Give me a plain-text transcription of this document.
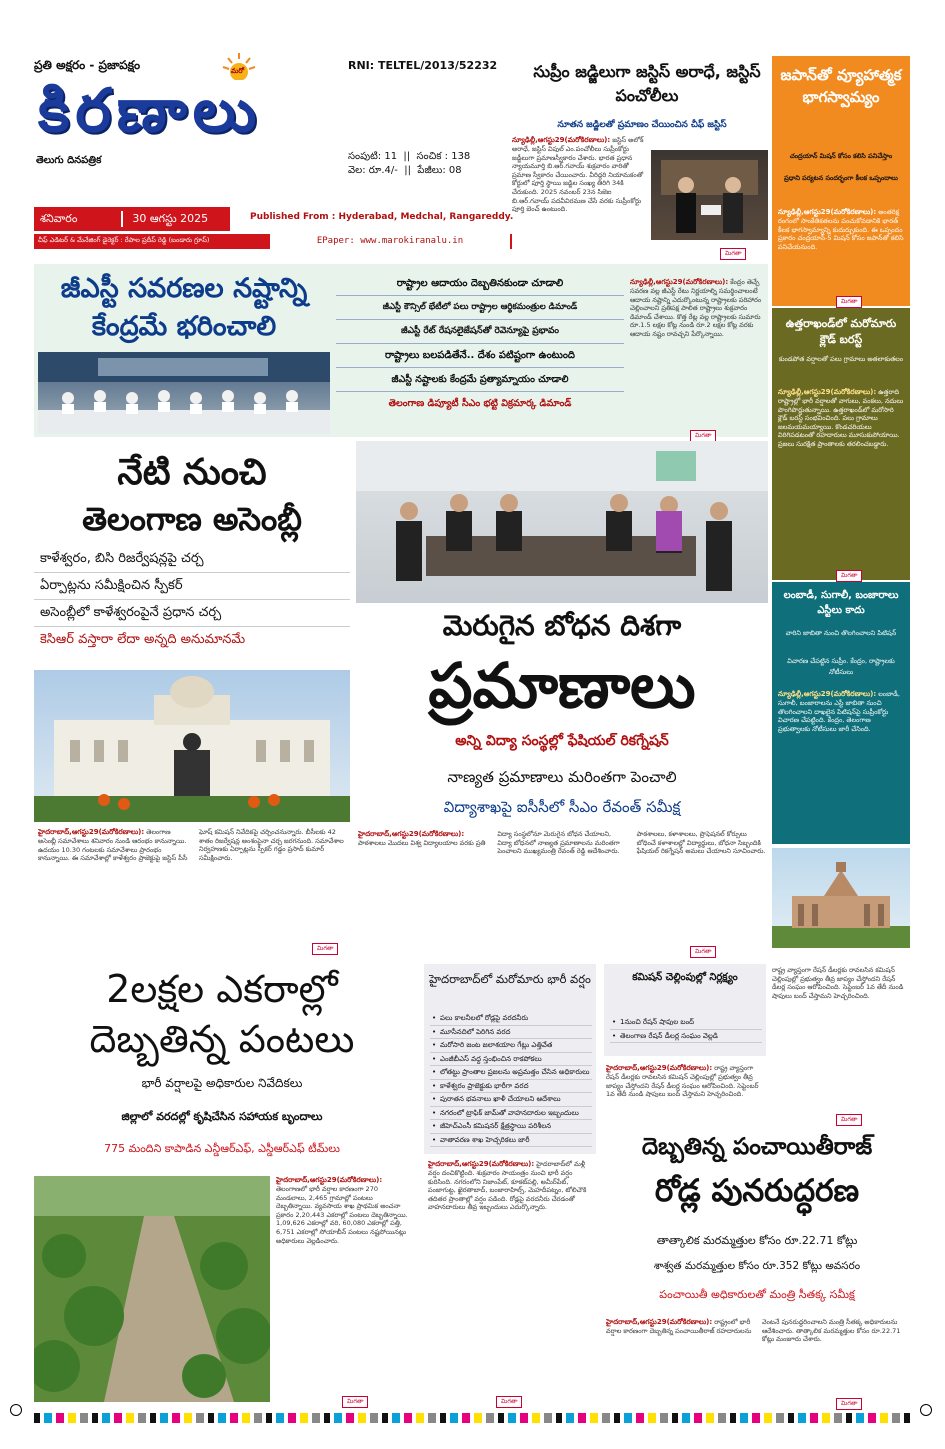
ప్రతి అక్షరం - ప్రజాపక్షం	మరో
కిరణాలు
తెలుగు దినపత్రిక
RNI: TELTEL/2013/52232
సంపుటి: 11  ||  సంచిక : 138
వెల: రూ.4/-  ||  పేజీలు: 08
శనివారం	30 ఆగస్టు 2025	Published From : Hyderabad, Medchal, Rangareddy.
చీఫ్ ఎడిటర్ & మేనేజింగ్ డైరెక్టర్ : రేపాల ప్రదీప్ రెడ్డి (బండారు గ్రూప్)	EPaper: www.marokiranalu.in
సుప్రీం జడ్జిలుగా జస్టిస్ అరాధే, జస్టిస్ పంచోలీలు
నూతన జడ్జిలతో ప్రమాణం చేయించిన చీఫ్ జస్టిస్
న్యూఢిల్లీ,ఆగస్టు29(మరోకిరణాలు): జస్టిస్ అలోక్ అరాధే, జస్టిస్ విపుల్ ఎం.పంచోలీలు సుప్రీంకోర్టు జడ్జీలుగా ప్రమాణస్వీకారం చేశారు. భారత ప్రధాన న్యాయమూర్తి బి.ఆర్.గవాయ్ శుక్రవారం వారితో ప్రమాణ స్వీకారం చేయించారు. వీరిద్దరి నియామకంతో కోర్టులో పూర్తి స్థాయి జడ్జిల సంఖ్య తిరిగి 34కి చేరుకుంది. 2025 నవంబర్ 23న సిజెఐ బి.ఆర్.గవాయ్ పదవీవిరమణ చేసే వరకు సుప్రీంకోర్టు పూర్తి బెంచ్ ఉంటుంది.
మిగతా
జపాన్‌తో వ్యూహాత్మక భాగస్వామ్యం
చంద్రయాన్ మిషన్ కోసం కలిసి పనిచేస్తాం
ప్రధాని పర్యటన సందర్భంగా కీలక ఒప్పందాలు
న్యూఢిల్లీ,ఆగస్టు29(మరోకిరణాలు): అంతరిక్ష రంగంలో సాంకేతికతలను పంచుకోవడానికి భారత్ కీలక భాగస్వామ్యాన్ని కుదుర్చుకుంది. ఈ ఒప్పందం ప్రకారం చంద్రయాన్-5 మిషన్ కోసం జపాన్‌తో కలిసి పనిచేయనుంది.
మిగతా
ఉత్తరాఖండ్‌లో మరోమారు క్లౌడ్ బరస్ట్
కుండపోత వర్షాలతో పలు గ్రామాలు అతలాకుతలం
న్యూఢిల్లీ,ఆగస్టు29(మరోకిరణాలు): ఉత్తరాది రాష్ట్రాల్లో భారీ వర్షాలతో వాగులు, వంకలు, నదులు పొంగిపొర్లుతున్నాయి. ఉత్తరాఖండ్‌లో మరోసారి క్లౌడ్ బరస్ట్ సంభవించింది. పలు గ్రామాలు జలమయమయ్యాయి. కొండచరియలు విరిగిపడటంతో రహదారులు మూసుకుపోయాయి. ప్రజలు సురక్షిత ప్రాంతాలకు తరలించబడ్డారు.
మిగతా
లంబాడీ, సుగాలీ, బంజారాలు ఎస్టీలు కాదు
వారిని జాబితా నుంచి తొలగించాలని పిటిషన్
విచారణ చేపట్టిన సుప్రీం. కేంద్రం, రాష్ట్రాలకు నోటీసులు
న్యూఢిల్లీ,ఆగస్టు29(మరోకిరణాలు): లంబాడీ, సుగాలీ, బంజారాలను ఎస్టీ జాబితా నుంచి తొలగించాలని దాఖలైన పిటిషన్‌పై సుప్రీంకోర్టు విచారణ చేపట్టింది. కేంద్రం, తెలంగాణ ప్రభుత్వాలకు నోటీసులు జారీ చేసింది.
జీఎస్టీ సవరణల నష్టాన్ని కేంద్రమే భరించాలి
రాష్ట్రాల ఆదాయం దెబ్బతినకుండా చూడాలి
జీఎస్టీ కౌన్సిల్ భేటీలో పలు రాష్ట్రాల ఆర్థికమంత్రుల డిమాండ్
జీఎస్టీ రేట్ రేషనలైజేషన్‌తో రెవెన్యూపై ప్రభావం
రాష్ట్రాలు బలపడితేనే.. దేశం పటిష్టంగా ఉంటుంది
జీఎస్టీ నష్టాలకు కేంద్రమే ప్రత్యామ్నాయం చూడాలి
తెలంగాణ డిప్యూటీ సీఎం భట్టి విక్రమార్క డిమాండ్
న్యూఢిల్లీ,ఆగస్టు29(మరోకిరణాలు): కేంద్రం తెచ్చే సవరణ వల్ల జీఎస్టీ రేటు నిర్ణయాల్ని సమర్థించాలంటే ఆదాయ నష్టాన్ని ఎదుర్కొంటున్న రాష్ట్రాలకు పరిహారం చెల్లించాలని ప్రతిపక్ష పాలిత రాష్ట్రాలు శుక్రవారం డిమాండ్ చేశాయి. కొత్త రేట్ల వల్ల రాష్ట్రాలకు సుమారు రూ.1.5 లక్షల కోట్ల నుండి రూ.2 లక్షల కోట్ల వరకు ఆదాయ నష్టం రావచ్చని పేర్కొన్నాయి.
మిగతా
నేటి నుంచి
తెలంగాణ అసెంబ్లీ
కాళేశ్వరం, బిసి రిజర్వేషన్లపై చర్చ
ఏర్పాట్లను సమీక్షించిన స్పీకర్
అసెంబ్లీలో కాళేశ్వరంపైనే ప్రధాన చర్చ
కెసిఆర్ వస్తారా లేదా అన్నది అనుమానమే
హైదరాబాద్,ఆగస్టు29(మరోకిరణాలు): తెలంగాణ అసెంబ్లీ సమావేశాలు శనివారం నుండి ఆరంభం కానున్నాయి. ఉదయం 10.30 గంటలకు సమావేశాలు ప్రారంభం కానున్నాయి. ఈ సమావేశాల్లో కాళేశ్వరం ప్రాజెక్టుపై జస్టిస్ పీసీ ఘోష్ కమిషన్ నివేదికపై చర్చించనున్నారు. బీసీలకు 42 శాతం రిజర్వేషన్ల అంశంపైనా చర్చ జరగనుంది. సమావేశాల నిర్వహణకు ఏర్పాట్లను స్పీకర్ గడ్డం ప్రసాద్ కుమార్ సమీక్షించారు.
మిగతా
మెరుగైన బోధన దిశగా
ప్రమాణాలు
అన్ని విద్యా సంస్థల్లో ఫేషియల్ రికగ్నేషన్
నాణ్యత ప్రమాణాలు మరింతగా పెంచాలి
విద్యాశాఖపై ఐసీసీలో సీఎం రేవంత్ సమీక్ష
హైదరాబాద్,ఆగస్టు29(మరోకిరణాలు): పాఠశాలలు మొదలు విశ్వ విద్యాలయాల వరకు ప్రతి విద్యా సంస్థలోనూ మెరుగైన బోధన చేయాలని, విద్యా బోధనలో నాణ్యత ప్రమాణాలను మరింతగా పెంచాలని ముఖ్యమంత్రి రేవంత్ రెడ్డి ఆదేశించారు. పాఠశాలలు, కళాశాలలు, ప్రొఫెషనల్ కోర్సులు బోధించే కళాశాలల్లో విద్యార్థులు, బోధనా సిబ్బందికి ఫేషియల్ రికగ్నేషన్ అమలు చేయాలని సూచించారు.
మిగతా
2లక్షల ఎకరాల్లో
దెబ్బతిన్న పంటలు
భారీ వర్షాలపై అధికారుల నివేదికలు
జిల్లాలో వరదల్లో కృషిచేసిన సహాయక బృందాలు
775 మందిని కాపాడిన ఎన్డీఆర్‌ఎఫ్, ఎస్డీఆర్‌ఎఫ్ టీమ్‌లు
హైదరాబాద్,ఆగస్టు29(మరోకిరణాలు): తెలంగాణలో భారీ వర్షాల కారణంగా 270 మండలాలు, 2,465 గ్రామాల్లో పంటలు దెబ్బతిన్నాయి. వ్యవసాయ శాఖ ప్రాథమిక అంచనా ప్రకారం 2,20,443 ఎకరాల్లో పంటలు దెబ్బతిన్నాయి. 1,09,626 ఎకరాల్లో వరి, 60,080 ఎకరాల్లో పత్తి, 6,751 ఎకరాల్లో సోయాబీన్ పంటలు నష్టపోయినట్లు అధికారులు వెల్లడించారు.
మిగతా
హైదరాబాద్‌లో మరోమారు భారీ వర్షం
• పలు కాలనీలలో రోడ్లపై వరదనీరు
• మూసీనదిలో పెరిగిన వరద
• మరోసారి జంట జలాశయాల గేట్లు ఎత్తివేత
• ఎంజీబీఎస్ వద్ద స్తంభించిన రాకపోకలు
• లోతట్టు ప్రాంతాల ప్రజలను అప్రమత్తం చేసిన అధికారులు
• కాళేశ్వరం ప్రాజెక్టుకు భారీగా వరద
• పురాతన భవనాలు ఖాళీ చేయాలని ఆదేశాలు
• నగరంలో ట్రాఫిక్ జామ్‌తో వాహనదారుల ఇబ్బందులు
• జీహెచ్ఎంసీ కమిషనర్ క్షేత్రస్థాయి పరిశీలన
• వాతావరణ శాఖ హెచ్చరికలు జారీ
హైదరాబాద్,ఆగస్టు29(మరోకిరణాలు): హైదరాబాద్‌లో మళ్లీ వర్షం దంచికొట్టింది. శుక్రవారం సాయంత్రం నుంచి భారీ వర్షం కురిసింది. నగరంలోని నిజాంపేట్, కూకట్‌పల్లి, అమీర్‌పేట్, పంజాగుట్ట, ఖైరతాబాద్, బంజారాహిల్స్, మెహదీపట్నం, టోలిచౌకి తదితర ప్రాంతాల్లో వర్షం పడింది. రోడ్లపై వరదనీరు చేరడంతో వాహనదారులు తీవ్ర ఇబ్బందులు ఎదుర్కొన్నారు.
మిగతా
కమిషన్ చెల్లింపుల్లో నిర్లక్ష్యం
• 1నుంచి రేషన్ షాపుల బంద్
• తెలంగాణ రేషన్ డీలర్ల సంఘం వెల్లడి
హైదరాబాద్,ఆగస్టు29(మరోకిరణాలు): రాష్ట్ర వ్యాప్తంగా రేషన్ డీలర్లకు రావలసిన కమిషన్ చెల్లింపుల్లో ప్రభుత్వం తీవ్ర జాప్యం చేస్తోందని రేషన్ డీలర్ల సంఘం ఆరోపించింది. సెప్టెంబర్ 1వ తేదీ నుండి షాపులు బంద్ చేస్తామని హెచ్చరించింది.
రాష్ట్ర వ్యాప్తంగా రేషన్ డీలర్లకు రావలసిన కమిషన్ చెల్లింపుల్లో ప్రభుత్వం తీవ్ర జాప్యం చేస్తోందని రేషన్ డీలర్ల సంఘం ఆరోపించింది. సెప్టెంబర్ 1వ తేదీ నుండి షాపులు బంద్ చేస్తామని హెచ్చరించింది.
మిగతా
దెబ్బతిన్న పంచాయితీరాజ్
రోడ్ల పునరుద్ధరణ
తాత్కాలిక మరమ్మత్తుల కోసం రూ.22.71 కోట్లు
శాశ్వత మరమ్మత్తుల కోసం రూ.352 కోట్లు అవసరం
పంచాయితీ అధికారులతో మంత్రి సీతక్క సమీక్ష
హైదరాబాద్,ఆగస్టు29(మరోకిరణాలు): రాష్ట్రంలో భారీ వర్షాల కారణంగా దెబ్బతిన్న పంచాయితీరాజ్ రహదారులను వెంటనే పునరుద్ధరించాలని మంత్రి సీతక్క అధికారులను ఆదేశించారు. తాత్కాలిక మరమ్మత్తుల కోసం రూ.22.71 కోట్లు మంజూరు చేశారు.
మిగతా
